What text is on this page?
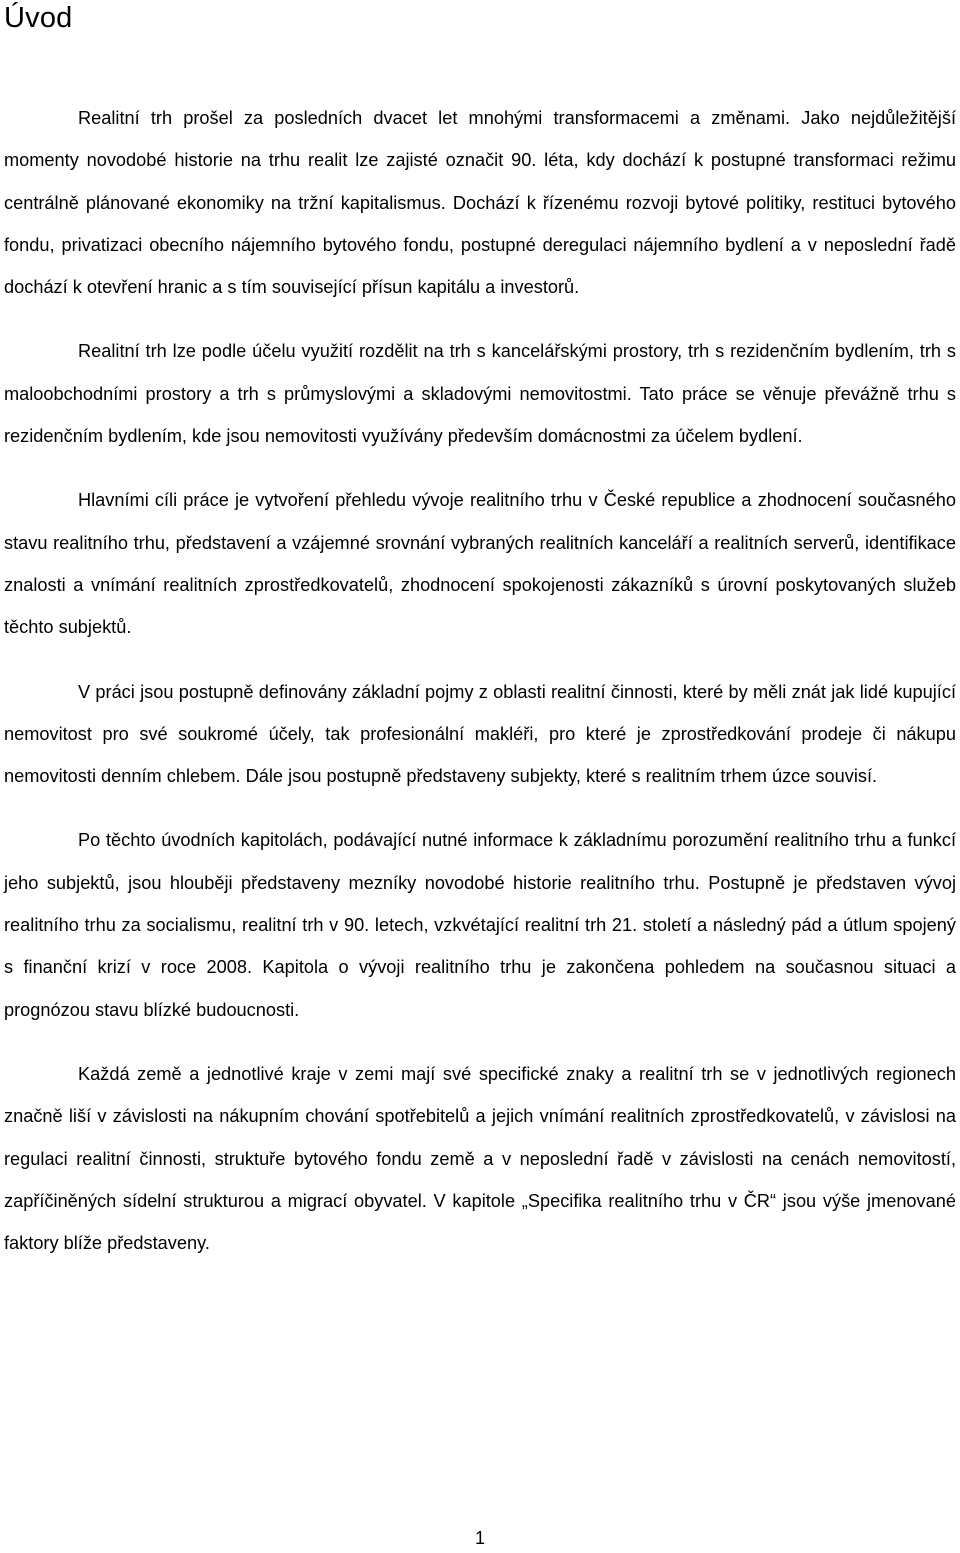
Úvod

Realitní trh prošel za posledních dvacet let mnohými transformacemi a změnami. Jako nejdůležitější momenty novodobé historie na trhu realit lze zajisté označit 90. léta, kdy dochází k postupné transformaci režimu centrálně plánované ekonomiky na tržní kapitalismus. Dochází k řízenému rozvoji bytové politiky, restituci bytového fondu, privatizaci obecního nájemního bytového fondu, postupné deregulaci nájemního bydlení a v neposlední řadě dochází k otevření hranic a s tím související přísun kapitálu a investorů.

Realitní trh lze podle účelu využití rozdělit na trh s kancelářskými prostory, trh s rezidenčním bydlením, trh s maloobchodními prostory a trh s průmyslovými a skladovými nemovitostmi. Tato práce se věnuje převážně trhu s rezidenčním bydlením, kde jsou nemovitosti využívány především domácnostmi za účelem bydlení.

Hlavními cíli práce je vytvoření přehledu vývoje realitního trhu v České republice a zhodnocení současného stavu realitního trhu, představení a vzájemné srovnání vybraných realitních kanceláří a realitních serverů, identifikace znalosti a vnímání realitních zprostředkovatelů, zhodnocení spokojenosti zákazníků s úrovní poskytovaných služeb těchto subjektů.

V práci jsou postupně definovány základní pojmy z oblasti realitní činnosti, které by měli znát jak lidé kupující nemovitost pro své soukromé účely, tak profesionální makléři, pro které je zprostředkování prodeje či nákupu nemovitosti denním chlebem. Dále jsou postupně představeny subjekty, které s realitním trhem úzce souvisí.

Po těchto úvodních kapitolách, podávající nutné informace k základnímu porozumění realitního trhu a funkcí jeho subjektů, jsou hlouběji představeny mezníky novodobé historie realitního trhu. Postupně je představen vývoj realitního trhu za socialismu, realitní trh v 90. letech, vzkvétající realitní trh 21. století a následný pád a útlum spojený s finanční krizí v roce 2008. Kapitola o vývoji realitního trhu je zakončena pohledem na současnou situaci a prognózou stavu blízké budoucnosti.

Každá země a jednotlivé kraje v zemi mají své specifické znaky a realitní trh se v jednotlivých regionech značně liší v závislosti na nákupním chování spotřebitelů a jejich vnímání realitních zprostředkovatelů, v závislosi na regulaci realitní činnosti, struktuře bytového fondu země a v neposlední řadě v závislosti na cenách nemovitostí, zapříčiněných sídelní strukturou a migrací obyvatel. V kapitole „Specifika realitního trhu v ČR“ jsou výše jmenované faktory blíže představeny.

1
